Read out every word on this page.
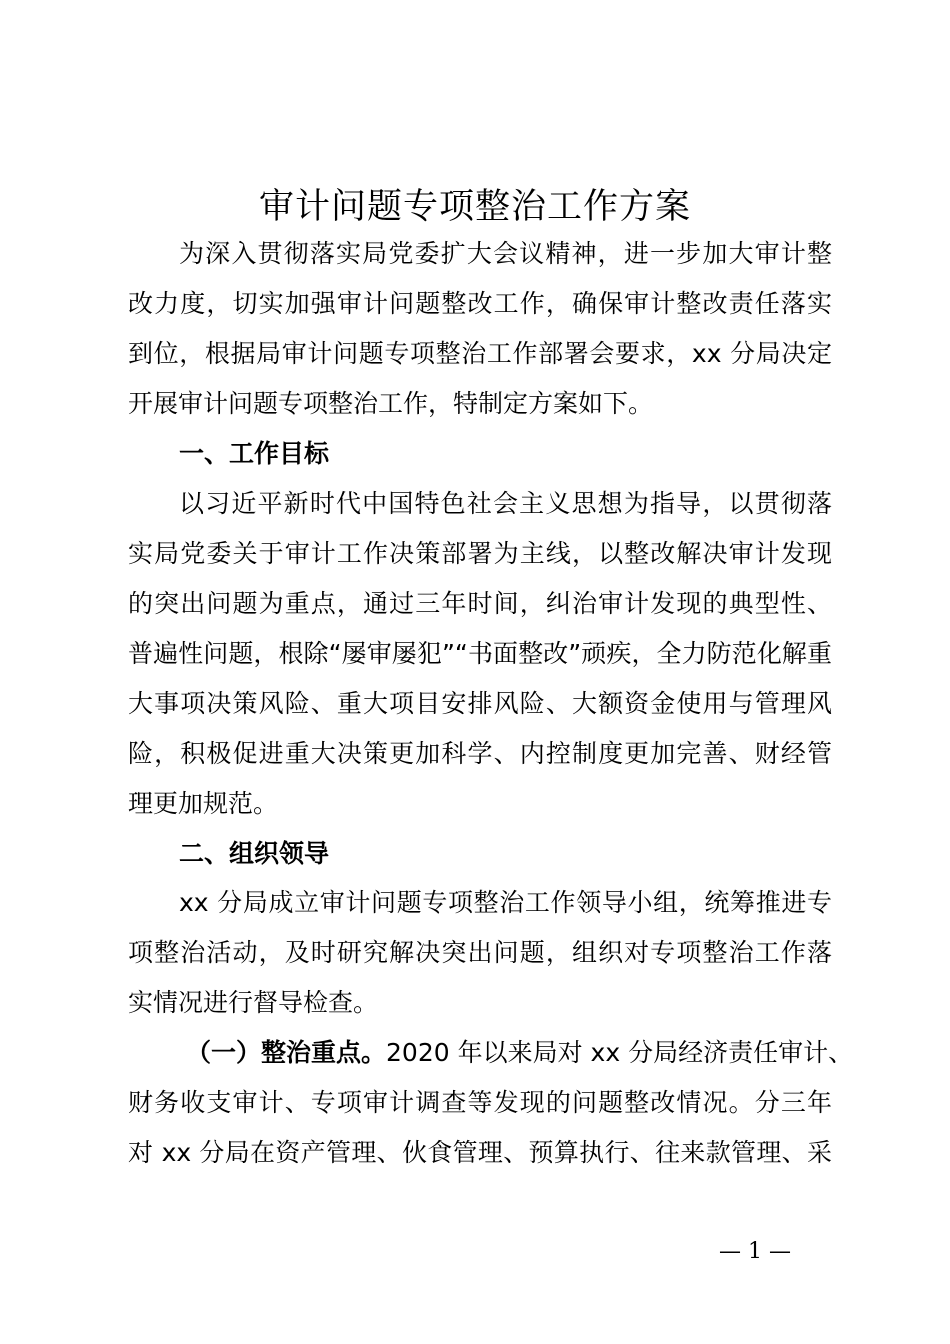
审计问题专项整治工作方案
为深入贯彻落实局党委扩大会议精神，进一步加大审计整
改力度，切实加强审计问题整改工作，确保审计整改责任落实
到位，根据局审计问题专项整治工作部署会要求，xx 分局决定
开展审计问题专项整治工作，特制定方案如下。
一、工作目标
以习近平新时代中国特色社会主义思想为指导，以贯彻落
实局党委关于审计工作决策部署为主线，以整改解决审计发现
的突出问题为重点，通过三年时间，纠治审计发现的典型性、
普遍性问题，根除“屡审屡犯”“书面整改”顽疾，全力防范化解重
大事项决策风险、重大项目安排风险、大额资金使用与管理风
险，积极促进重大决策更加科学、内控制度更加完善、财经管
理更加规范。
二、组织领导
xx 分局成立审计问题专项整治工作领导小组，统筹推进专
项整治活动，及时研究解决突出问题，组织对专项整治工作落
实情况进行督导检查。
（一）整治重点。2020 年以来局对 xx 分局经济责任审计、
财务收支审计、专项审计调查等发现的问题整改情况。分三年
对 xx 分局在资产管理、伙食管理、预算执行、往来款管理、采
— 1 —
